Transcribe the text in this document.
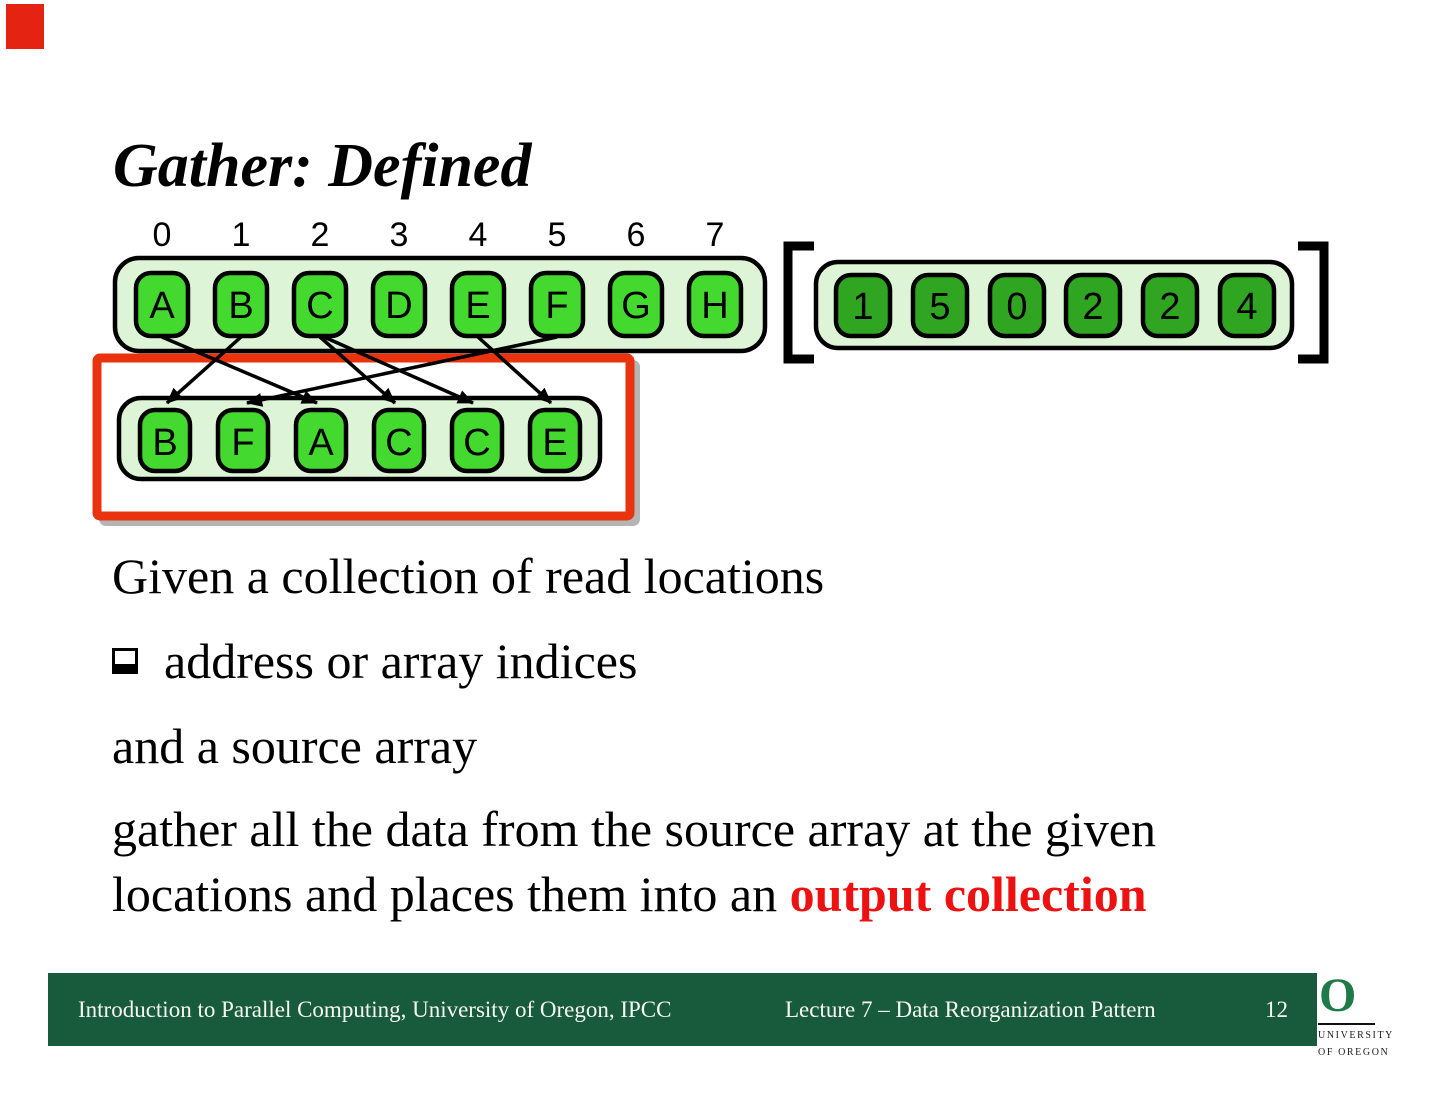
Gather: Defined
0 1 2 3 4 5 6 7
A B C D E F G H	1 5 0 2 2 4
B F A C C E
Given a collection of read locations
address or array indices
and a source array
gather all the data from the source array at the given
locations and places them into an output collection
Introduction to Parallel Computing, University of Oregon, IPCC	Lecture 7 – Data Reorganization Pattern	12 O
UNIVERSITY
OF OREGON
